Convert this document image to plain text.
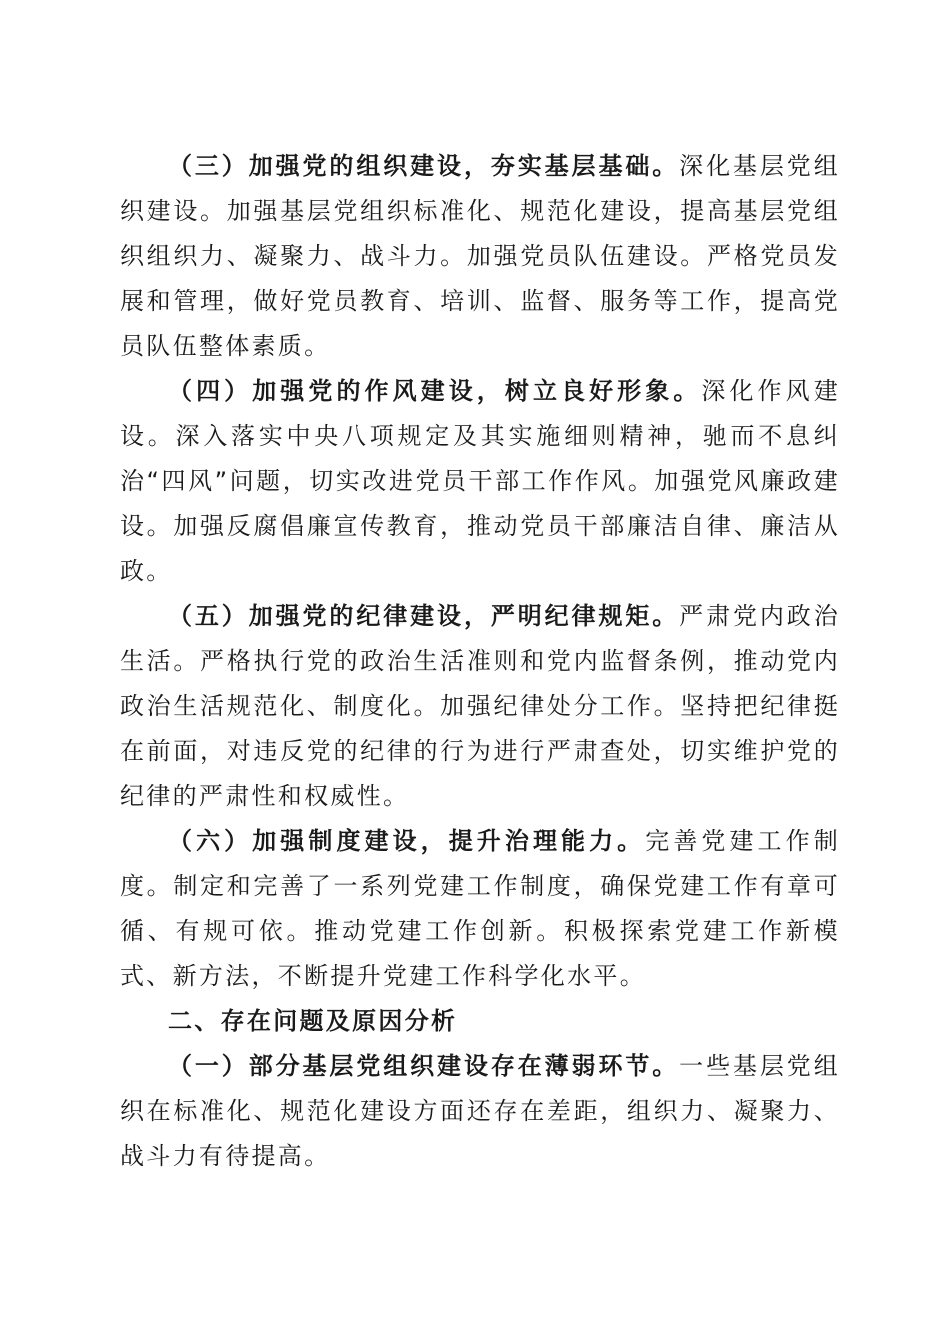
（三）加强党的组织建设，夯实基层基础。深化基层党组织建设。加强基层党组织标准化、规范化建设，提高基层党组织组织力、凝聚力、战斗力。加强党员队伍建设。严格党员发展和管理，做好党员教育、培训、监督、服务等工作，提高党员队伍整体素质。

（四）加强党的作风建设，树立良好形象。深化作风建设。深入落实中央八项规定及其实施细则精神，驰而不息纠治“四风”问题，切实改进党员干部工作作风。加强党风廉政建设。加强反腐倡廉宣传教育，推动党员干部廉洁自律、廉洁从政。

（五）加强党的纪律建设，严明纪律规矩。严肃党内政治生活。严格执行党的政治生活准则和党内监督条例，推动党内政治生活规范化、制度化。加强纪律处分工作。坚持把纪律挺在前面，对违反党的纪律的行为进行严肃查处，切实维护党的纪律的严肃性和权威性。

（六）加强制度建设，提升治理能力。完善党建工作制度。制定和完善了一系列党建工作制度，确保党建工作有章可循、有规可依。推动党建工作创新。积极探索党建工作新模式、新方法，不断提升党建工作科学化水平。

二、存在问题及原因分析

（一）部分基层党组织建设存在薄弱环节。一些基层党组织在标准化、规范化建设方面还存在差距，组织力、凝聚力、战斗力有待提高。
